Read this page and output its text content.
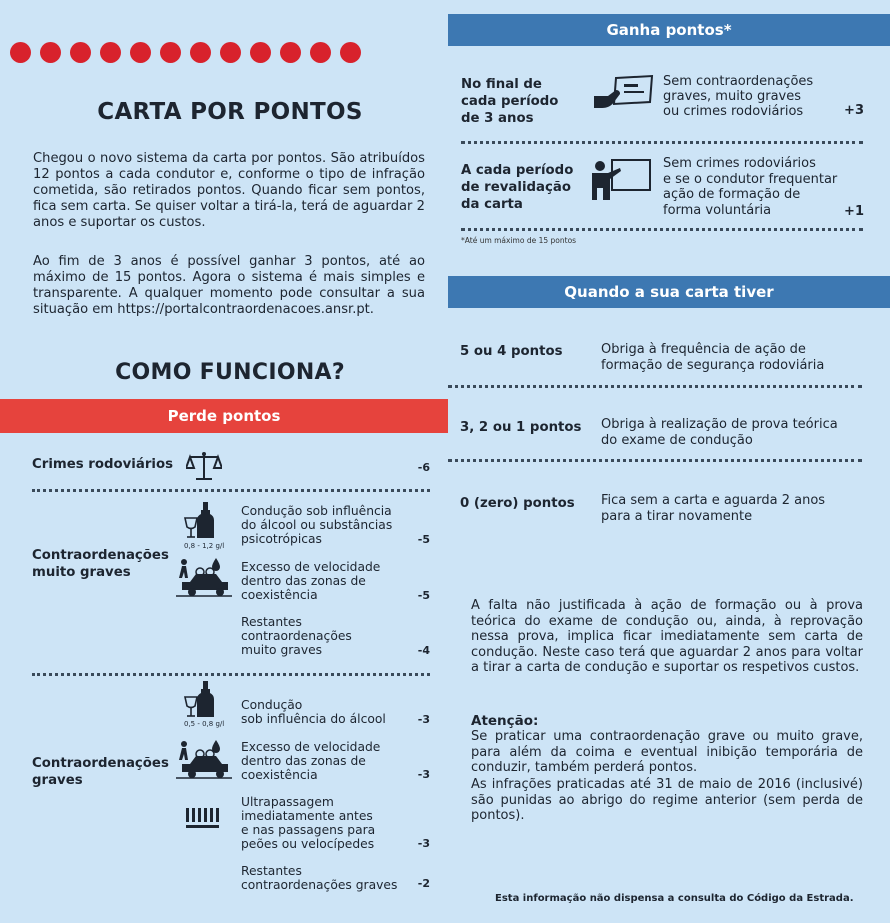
CARTA POR PONTOS
Chegou o novo sistema da carta por pontos. São atribuídos 12 pontos a cada condutor e, conforme o tipo de infração cometida, são retirados pontos. Quando ficar sem pontos, fica sem carta. Se quiser voltar a tirá-la, terá de aguardar 2 anos e suportar os custos.
Ao fim de 3 anos é possível ganhar 3 pontos, até ao máximo de 15 pontos. Agora o sistema é mais simples e transparente. A qualquer momento pode consultar a sua situação em https://portalcontraordenacoes.ansr.pt.
COMO FUNCIONA?
Perde pontos
Crimes rodoviários	-6
Contraordenações
muito graves
0,8 - 1,2 g/l
Condução sob influência
do álcool ou substâncias
psicotrópicas	-5
Excesso de velocidade
dentro das zonas de
coexistência	-5
Restantes
contraordenações
muito graves	-4
Contraordenações
graves
0,5 - 0,8 g/l
Condução
sob influência do álcool	-3
Excesso de velocidade
dentro das zonas de
coexistência	-3
Ultrapassagem
imediatamente antes
e nas passagens para
peões ou velocípedes	-3
Restantes
contraordenações graves	-2
Ganha pontos*
No final de
cada período
de 3 anos
Sem contraordenações
graves, muito graves
ou crimes rodoviários	+3
A cada período
de revalidação
da carta
Sem crimes rodoviários
e se o condutor frequentar
ação de formação de
forma voluntária	+1
*Até um máximo de 15 pontos
Quando a sua carta tiver
5 ou 4 pontos	Obriga à frequência de ação de
formação de segurança rodoviária
3, 2 ou 1 pontos Obriga à realização de prova teórica
do exame de condução
0 (zero) pontos Fica sem a carta e aguarda 2 anos
para a tirar novamente
A falta não justificada à ação de formação ou à prova teórica do exame de condução ou, ainda, à reprovação nessa prova, implica ficar imediatamente sem carta de condução. Neste caso terá que aguardar 2 anos para voltar a tirar a carta de condução e suportar os respetivos custos.
Atenção:
Se praticar uma contraordenação grave ou muito grave, para além da coima e eventual inibição temporária de conduzir, também perderá pontos.
As infrações praticadas até 31 de maio de 2016 (inclusivé) são punidas ao abrigo do regime anterior (sem perda de pontos).
Esta informação não dispensa a consulta do Código da Estrada.
